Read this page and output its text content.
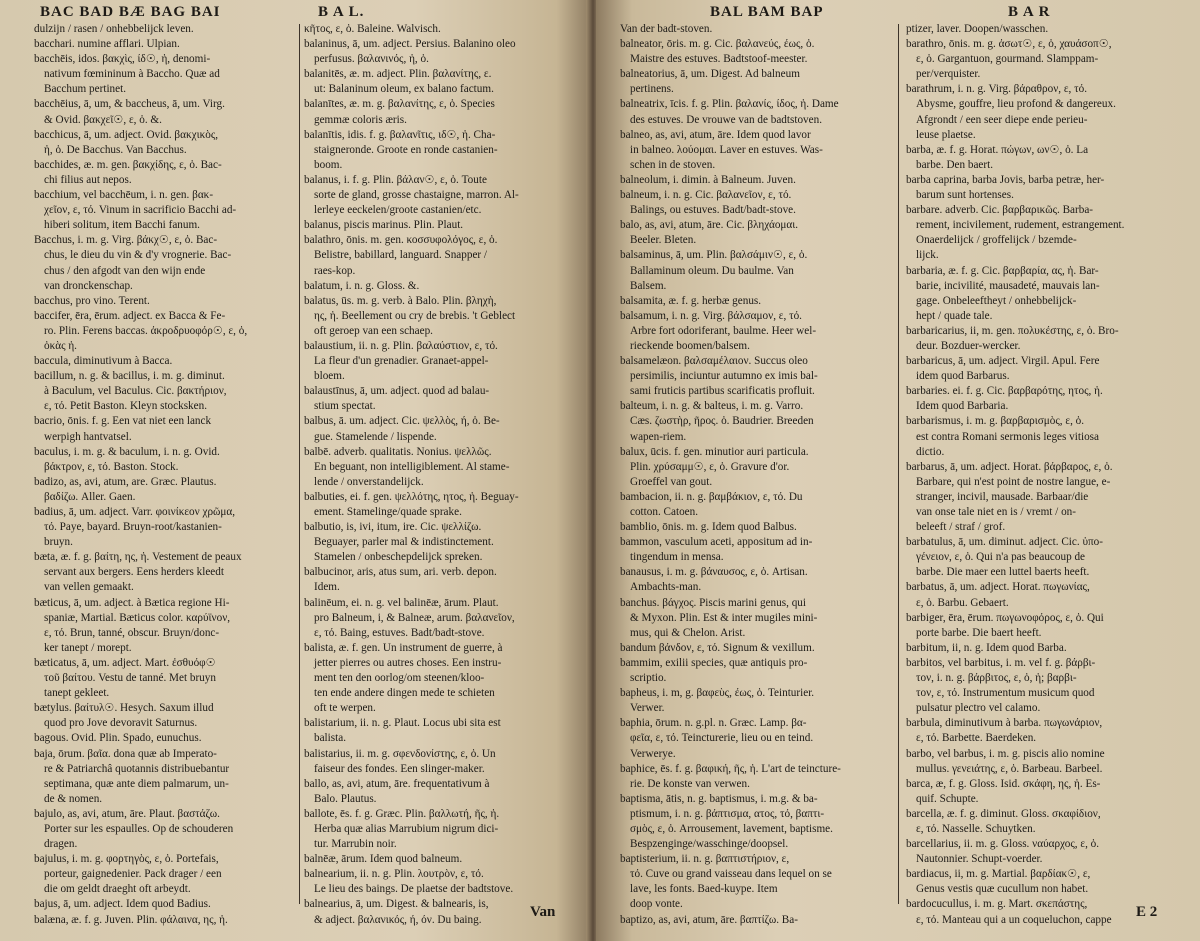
BAC BAD BÆ BAG BAI	B A L.
dulzijn / rasen / onhebbelijck leven.
bacchari. numine afflari. Ulpian.
bacchēis, idos. βακχὶς, ίδ☉, ἡ, denomi-
nativum fœmininum à Baccho. Quæ ad
Bacchum pertinet.
bacchēius, ā, um, & baccheus, ā, um. Virg.
& Ovid. βακχεῖ☉, ε, ὁ. &.
bacchicus, ā, um. adject. Ovid. βακχικὸς,
ἡ, ὁ. De Bacchus. Van Bacchus.
bacchides, æ. m. gen. βακχίδης, ε, ὁ. Bac-
chi filius aut nepos.
bacchium, vel bacchēum, i. n. gen. βακ-
χεῖον, ε, τό. Vinum in sacrificio Bacchi ad-
hiberi solitum, item Bacchi fanum.
Bacchus, i. m. g. Virg. βάκχ☉, ε, ὁ. Bac-
chus, le dieu du vin & d'y vrognerie. Bac-
chus / den afgodt van den wijn ende
van dronckenschap.
bacchus, pro vino. Terent.
baccifer, ēra, ērum. adject. ex Bacca & Fe-
ro. Plin. Ferens baccas. ἀκροδρυοφόρ☉, ε, ὁ,
ὁκὰς ἡ.
baccula, diminutivum à Bacca.
bacillum, n. g. & bacillus, i. m. g. diminut.
à Baculum, vel Baculus. Cic. βακτήριον,
ε, τό. Petit Baston. Kleyn stocksken.
bacrio, ōnis. f. g. Een vat niet een lanck
werpigh hantvatsel.
baculus, i. m. g. & baculum, i. n. g. Ovid.
βάκτρον, ε, τό. Baston. Stock.
badizo, as, avi, atum, are. Græc. Plautus.
βαδίζω. Aller. Gaen.
badius, ā, um. adject. Varr. φοινίκεον χρῶμα,
τό. Paye, bayard. Bruyn-root/kastanien-
bruyn.
bæta, æ. f. g. βαίτη, ης, ἡ. Vestement de peaux
servant aux bergers. Eens herders kleedt
van vellen gemaakt.
bæticus, ā, um. adject. à Bætica regione Hi-
spaniæ, Martial. Bæticus color. καρύϊνον,
ε, τό. Brun, tanné, obscur. Bruyn/donc-
ker tanept / morept.
bæticatus, ā, um. adject. Mart. ἐσθυόφ☉
τοῦ βαίτου. Vestu de tanné. Met bruyn
tanept gekleet.
bætylus. βαίτυλ☉. Hesych. Saxum illud
quod pro Jove devoravit Saturnus.
bagous. Ovid. Plin. Spado, eunuchus.
baja, ōrum. βαῖα. dona quæ ab Imperato-
re & Patriarchâ quotannis distribuebantur
septimana, quæ ante diem palmarum, un-
de & nomen.
bajulo, as, avi, atum, āre. Plaut. βαστάζω.
Porter sur les espaulles. Op de schouderen
dragen.
bajulus, i. m. g. φορτηγὸς, ε, ὁ. Portefais,
porteur, gaignedenier. Pack drager / een
die om geldt draeght oft arbeydt.
bajus, ā, um. adject. Idem quod Badius.
balæna, æ. f. g. Juven. Plin. φάλαινα, ης, ἡ.
κῆτος, ε, ὁ. Baleine. Walvisch.
balaninus, ā, um. adject. Persius. Balanino oleo
perfusus. βαλανινός, ἡ, ὁ.
balanitēs, æ. m. adject. Plin. βαλανίτης, ε.
ut: Balaninum oleum, ex balano factum.
balanītes, æ. m. g. βαλανίτης, ε, ὁ. Species
gemmæ coloris æris.
balanītis, idis. f. g. βαλανῖτις, ιδ☉, ἡ. Cha-
staigneronde. Groote en ronde castanien-
boom.
balanus, i. f. g. Plin. βάλαν☉, ε, ὁ. Toute
sorte de gland, grosse chastaigne, marron. Al-
lerleye eeckelen/groote castanien/etc.
balanus, piscis marinus. Plin. Plaut.
balathro, ōnis. m. gen. κοσσυφολόγος, ε, ὁ.
Belistre, babillard, languard. Snapper /
raes-kop.
balatum, i. n. g. Gloss. &.
balatus, ūs. m. g. verb. à Balo. Plin. βληχὴ,
ης, ἡ. Beellement ou cry de brebis. 't Geblect
oft geroep van een schaep.
balaustium, ii. n. g. Plin. βαλαύστιον, ε, τό.
La fleur d'un grenadier. Granaet-appel-
bloem.
balaustīnus, ā, um. adject. quod ad balau-
stium spectat.
balbus, ā. um. adject. Cic. ψελλὸς, ή, ὁ. Be-
gue. Stamelende / lispende.
balbē. adverb. qualitatis. Nonius. ψελλῶς.
En beguant, non intelligiblement. Al stame-
lende / onverstandelijck.
balbuties, ei. f. gen. ψελλότης, ητος, ἡ. Beguay-
ement. Stamelinge/quade sprake.
balbutio, is, ivi, itum, ire. Cic. ψελλίζω.
Beguayer, parler mal & indistinctement.
Stamelen / onbeschepdelijck spreken.
balbucinor, aris, atus sum, ari. verb. depon.
Idem.
balinēum, ei. n. g. vel balinēæ, ārum. Plaut.
pro Balneum, i, & Balneæ, arum. βαλανεῖον,
ε, τό. Baing, estuves. Badt/badt-stove.
balista, æ. f. gen. Un instrument de guerre, à
jetter pierres ou autres choses. Een instru-
ment ten den oorlog/om steenen/kloo-
ten ende andere dingen mede te schieten
oft te werpen.
balistarium, ii. n. g. Plaut. Locus ubi sita est
balista.
balistarius, ii. m. g. σφενδονίστης, ε, ὁ. Un
faiseur des fondes. Een slinger-maker.
ballo, as, avi, atum, āre. frequentativum à
Balo. Plautus.
ballote, ēs. f. g. Græc. Plin. βαλλωτή, ῆς, ἡ.
Herba quæ alias Marrubium nigrum dici-
tur. Marrubin noir.
balnēæ, ārum. Idem quod balneum.
balnearium, ii. n. g. Plin. λουτρὸν, ε, τό.
Le lieu des baings. De plaetse der badtstove.
balnearius, ā, um. Digest. & balnearis, is,
& adject. βαλανικός, ή, όν. Du baing.	Van
BAL BAM BAP	B A R
Van der badt-stoven.
balneator, ōris. m. g. Cic. βαλανεύς, έως, ὁ.
Maistre des estuves. Badtstoof-meester.
balneatorius, ā, um. Digest. Ad balneum
pertinens.
balneatrix, īcis. f. g. Plin. βαλανίς, ίδος, ἡ. Dame
des estuves. De vrouwe van de badtstoven.
balneo, as, avi, atum, āre. Idem quod lavor
in balneo. λούομαι. Laver en estuves. Was-
schen in de stoven.
balneolum, i. dimin. à Balneum. Juven.
balneum, i. n. g. Cic. βαλανεῖον, ε, τό.
Balings, ou estuves. Badt/badt-stove.
balo, as, avi, atum, āre. Cic. βληχάομαι.
Beeler. Bleten.
balsaminus, ā, um. Plin. βαλσάμιν☉, ε, ὁ.
Ballaminum oleum. Du baulme. Van
Balsem.
balsamita, æ. f. g. herbæ genus.
balsamum, i. n. g. Virg. βάλσαμον, ε, τό.
Arbre fort odoriferant, baulme. Heer wel-
rieckende boomen/balsem.
balsamelæon. βαλσαμέλαιον. Succus oleo
persimilis, inciuntur autumno ex imis bal-
sami fruticis partibus scarificatis profluit.
balteum, i. n. g. & balteus, i. m. g. Varro.
Cæs. ζωστὴρ, ῆρος. ὁ. Baudrier. Breeden
wapen-riem.
balux, ūcis. f. gen. minutior auri particula.
Plin. χρύσαμμ☉, ε, ὁ. Gravure d'or.
Groeffel van gout.
bambacion, ii. n. g. βαμβάκιον, ε, τό. Du
cotton. Catoen.
bamblio, ōnis. m. g. Idem quod Balbus.
bammon, vasculum aceti, appositum ad in-
tingendum in mensa.
banausus, i. m. g. βάναυσος, ε, ὁ. Artisan.
Ambachts-man.
banchus. βάγχος. Piscis marini genus, qui
& Myxon. Plin. Est & inter mugiles mini-
mus, qui & Chelon. Arist.
bandum βάνδον, ε, τό. Signum & vexillum.
bammim, exilii species, quæ antiquis pro-
scriptio.
bapheus, i. m, g. βαφεὺς, έως, ὁ. Teinturier.
Verwer.
baphia, ōrum. n. g.pl. n. Græc. Lamp. βα-
φεῖα, ε, τό. Teincturerie, lieu ou en teind.
Verwerye.
baphice, ēs. f. g. βαφική, ῆς, ἡ. L'art de teincture-
rie. De konste van verwen.
baptisma, ātis, n. g. baptismus, i. m.g. & ba-
ptismum, i. n. g. βάπτισμα, ατος, τό, βαπτι-
σμὸς, ε, ὁ. Arrousement, lavement, baptisme.
Bespzenginge/wasschinge/doopsel.
baptisterium, ii. n. g. βαπτιστήριον, ε,
τό. Cuve ou grand vaisseau dans lequel on se
lave, les fonts. Baed-kuype. Item
doop vonte.
baptizo, as, avi, atum, āre. βαπτίζω. Ba-
ptizer, laver. Doopen/wasschen.
barathro, ōnis. m. g. ἀσωτ☉, ε, ὁ, χαυάσοπ☉,
ε, ὁ. Gargantuon, gourmand. Slamppam-
per/verquister.
barathrum, i. n. g. Virg. βάραθρον, ε, τό.
Abysme, gouffre, lieu profond & dangereux.
Afgrondt / een seer diepe ende perieu-
leuse plaetse.
barba, æ. f. g. Horat. πώγων, ων☉, ὁ. La
barbe. Den baert.
barba caprina, barba Jovis, barba petræ, her-
barum sunt hortenses.
barbare. adverb. Cic. βαρβαρικῶς. Barba-
rement, incivilement, rudement, estrangement.
Onaerdelijck / groffelijck / bzemde-
lijck.
barbaria, æ. f. g. Cic. βαρβαρία, ας, ἡ. Bar-
barie, incivilité, mausadeté, mauvais lan-
gage. Onbeleeftheyt / onhebbelijck-
hept / quade tale.
barbaricarius, ii, m. gen. πολυκέστης, ε, ὁ. Bro-
deur. Bozduer-wercker.
barbaricus, ā, um. adject. Virgil. Apul. Fere
idem quod Barbarus.
barbaries. ei. f. g. Cic. βαρβαρότης, ητος, ἡ.
Idem quod Barbaria.
barbarismus, i. m. g. βαρβαρισμὸς, ε, ὁ.
est contra Romani sermonis leges vitiosa
dictio.
barbarus, ā, um. adject. Horat. βάρβαρος, ε, ὁ.
Barbare, qui n'est point de nostre langue, e-
stranger, incivil, mausade. Barbaar/die
van onse tale niet en is / vremt / on-
beleeft / straf / grof.
barbatulus, ā, um. diminut. adject. Cic. ὑπο-
γένειον, ε, ὁ. Qui n'a pas beaucoup de
barbe. Die maer een luttel baerts heeft.
barbatus, ā, um. adject. Horat. πωγωνίας,
ε, ὁ. Barbu. Gebaert.
barbiger, ēra, ērum. πωγωνοφόρος, ε, ὁ. Qui
porte barbe. Die baert heeft.
barbitum, ii, n. g. Idem quod Barba.
barbitos, vel barbitus, i. m. vel f. g. βάρβι-
τον, i. n. g. βάρβιτος, ε, ὁ, ἡ; βαρβι-
τον, ε, τό. Instrumentum musicum quod
pulsatur plectro vel calamo.
barbula, diminutivum à barba. πωγωνάριον,
ε, τό. Barbette. Baerdeken.
barbo, vel barbus, i. m. g. piscis alio nomine
mullus. γενειάτης, ε, ὁ. Barbeau. Barbeel.
barca, æ, f. g. Gloss. Isid. σκάφη, ης, ἡ. Es-
quif. Schupte.
barcella, æ. f. g. diminut. Gloss. σκαφίδιον,
ε, τό. Nasselle. Schuytken.
barcellarius, ii. m. g. Gloss. ναύαρχος, ε, ὁ.
Nautonnier. Schupt-voerder.
bardiacus, ii, m. g. Martial. βαρδίακ☉, ε,
Genus vestis quæ cucullum non habet.
bardocucullus, i. m. g. Mart. σκεπάστης,
ε, τό. Manteau qui a un coqueluchon, cappe	E 2
